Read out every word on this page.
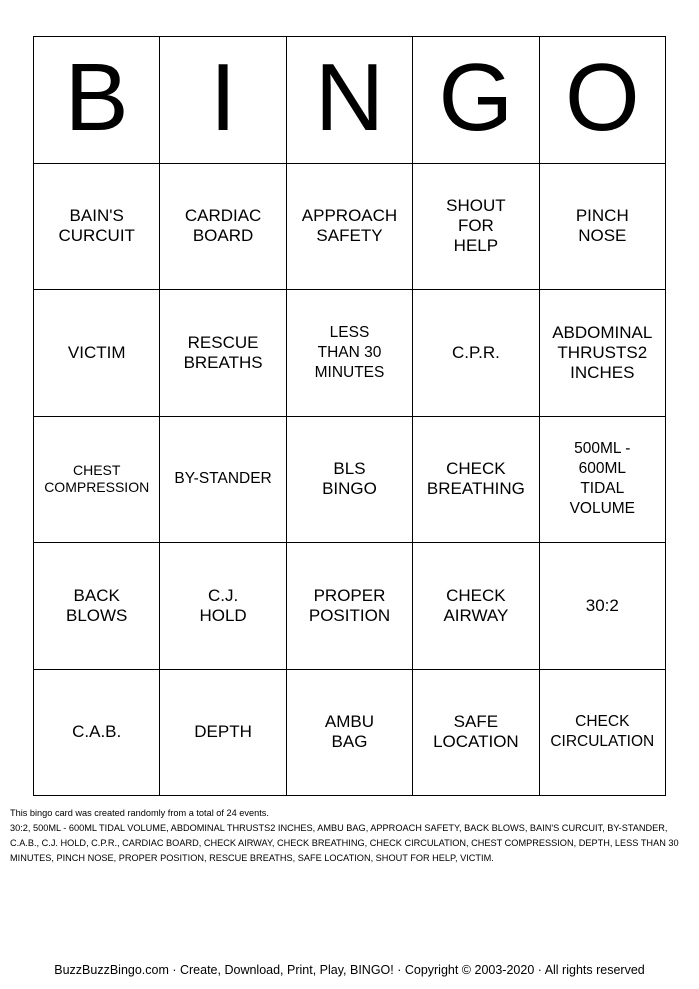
B I N G O
BAIN'S
CURCUIT
CARDIAC
BOARD
APPROACH
SAFETY
SHOUT
FOR
HELP
PINCH
NOSE
VICTIM
RESCUE
BREATHS
LESS
THAN 30
MINUTES
C.P.R.
ABDOMINAL
THRUSTS2
INCHES
CHEST
COMPRESSION BY-STANDER
BLS
BINGO
CHECK
BREATHING
500ML -
600ML
TIDAL
VOLUME
BACK
BLOWS
C.J.
HOLD
PROPER
POSITION
CHECK
AIRWAY
30:2
C.A.B.	DEPTH
AMBU
BAG
SAFE
LOCATION
CHECK
CIRCULATION

This bingo card was created randomly from a total of 24 events.

30:2, 500ML - 600ML TIDAL VOLUME, ABDOMINAL THRUSTS2 INCHES, AMBU BAG, APPROACH SAFETY, BACK BLOWS, BAIN'S CURCUIT, BY-STANDER, C.A.B., C.J. HOLD, C.P.R., CARDIAC BOARD, CHECK AIRWAY, CHECK BREATHING, CHECK CIRCULATION, CHEST COMPRESSION, DEPTH, LESS THAN 30 MINUTES, PINCH NOSE, PROPER POSITION, RESCUE BREATHS, SAFE LOCATION, SHOUT FOR HELP, VICTIM.

BuzzBuzzBingo.com · Create, Download, Print, Play, BINGO! · Copyright © 2003-2020 · All rights reserved
